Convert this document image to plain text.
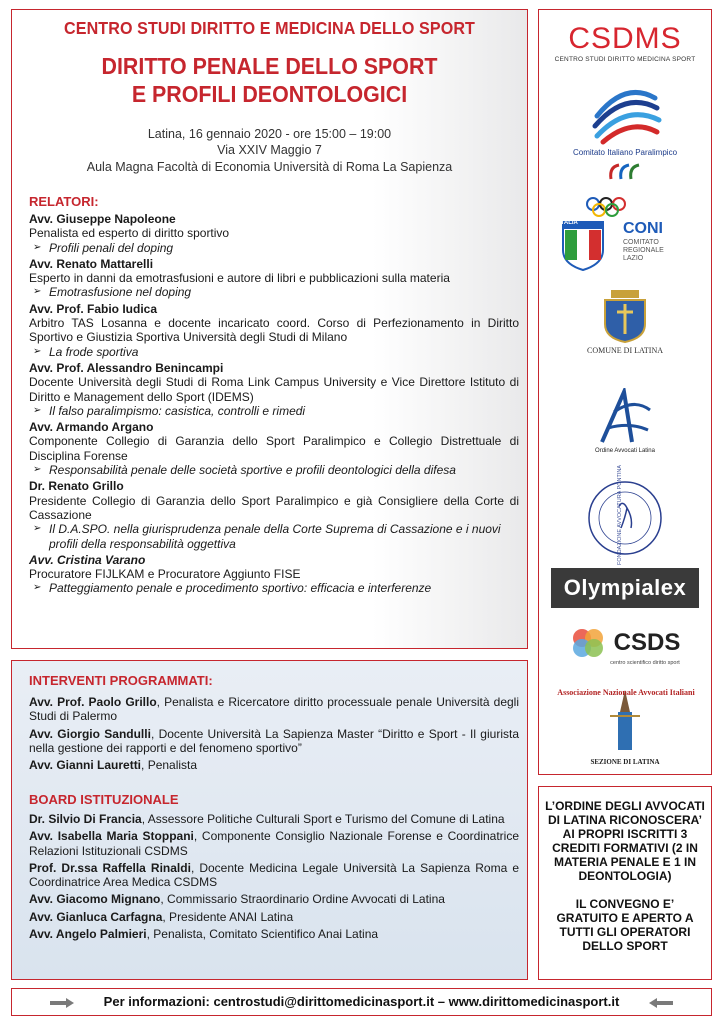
CENTRO STUDI DIRITTO E MEDICINA DELLO SPORT
DIRITTO PENALE DELLO SPORT
E PROFILI DEONTOLOGICI
Latina, 16 gennaio 2020 - ore 15:00 – 19:00
Via XXIV Maggio 7
Aula Magna Facoltà di Economia Università di Roma La Sapienza
RELATORI:
Avv. Giuseppe Napoleone
Penalista ed esperto di diritto sportivo
➢ Profili penali del doping
Avv. Renato Mattarelli
Esperto in danni da emotrasfusioni e autore di libri e pubblicazioni sulla materia
➢ Emotrasfusione nel doping
Avv. Prof. Fabio Iudica
Arbitro TAS Losanna e docente incaricato coord. Corso di Perfezionamento in Diritto Sportivo e Giustizia Sportiva Università degli Studi di Milano
➢ La frode sportiva
Avv. Prof. Alessandro Benincampi
Docente Università degli Studi di Roma Link Campus University e Vice Direttore Istituto di Diritto e Management dello Sport (IDEMS)
➢ Il falso paralimpismo: casistica, controlli e rimedi
Avv. Armando Argano
Componente Collegio di Garanzia dello Sport Paralimpico e Collegio Distrettuale di Disciplina Forense
➢ Responsabilità penale delle società sportive e profili deontologici della difesa
Dr. Renato Grillo
Presidente Collegio di Garanzia dello Sport Paralimpico e già Consigliere della Corte di Cassazione
➢ Il D.A.SPO. nella giurisprudenza penale della Corte Suprema di Cassazione e i nuovi profili della responsabilità oggettiva
Avv. Cristina Varano
Procuratore FIJLKAM e Procuratore Aggiunto FISE
➢ Patteggiamento penale e procedimento sportivo: efficacia e interferenze
INTERVENTI PROGRAMMATI:
Avv. Prof. Paolo Grillo, Penalista e Ricercatore diritto processuale penale Università degli Studi di Palermo
Avv. Giorgio Sandulli, Docente Università La Sapienza Master “Diritto e Sport - Il giurista nella gestione dei rapporti e del fenomeno sportivo”
Avv. Gianni Lauretti, Penalista
BOARD ISTITUZIONALE
Dr. Silvio Di Francia, Assessore Politiche Culturali Sport e Turismo del Comune di Latina
Avv. Isabella Maria Stoppani, Componente Consiglio Nazionale Forense e Coordinatrice Relazioni Istituzionali CSDMS
Prof. Dr.ssa Raffella Rinaldi, Docente Medicina Legale Università La Sapienza Roma e Coordinatrice Area Medica CSDMS
Avv. Giacomo Mignano, Commissario Straordinario Ordine Avvocati di Latina
Avv. Gianluca Carfagna, Presidente ANAI Latina
Avv. Angelo Palmieri, Penalista, Comitato Scientifico Anai Latina
CSDMS
CENTRO STUDI DIRITTO MEDICINA SPORT
Comitato Italiano Paralimpico
ITALIA	CONI
COMITATO
REGIONALE
LAZIO
COMUNE DI LATINA
Ordine Avvocati Latina
FONDAZIONE AVVOCATURA PONTINA
Olympialex
CSDS
centro scientifico diritto sport
Associazione Nazionale Avvocati Italiani
SEZIONE DI LATINA
L’ORDINE DEGLI AVVOCATI DI LATINA RICONOSCERA’ AI PROPRI ISCRITTI 3 CREDITI FORMATIVI (2 IN MATERIA PENALE E 1 IN DEONTOLOGIA)
IL CONVEGNO E’ GRATUITO E APERTO A TUTTI GLI OPERATORI DELLO SPORT
Per informazioni: centrostudi@dirittomedicinasport.it – www.dirittomedicinasport.it
